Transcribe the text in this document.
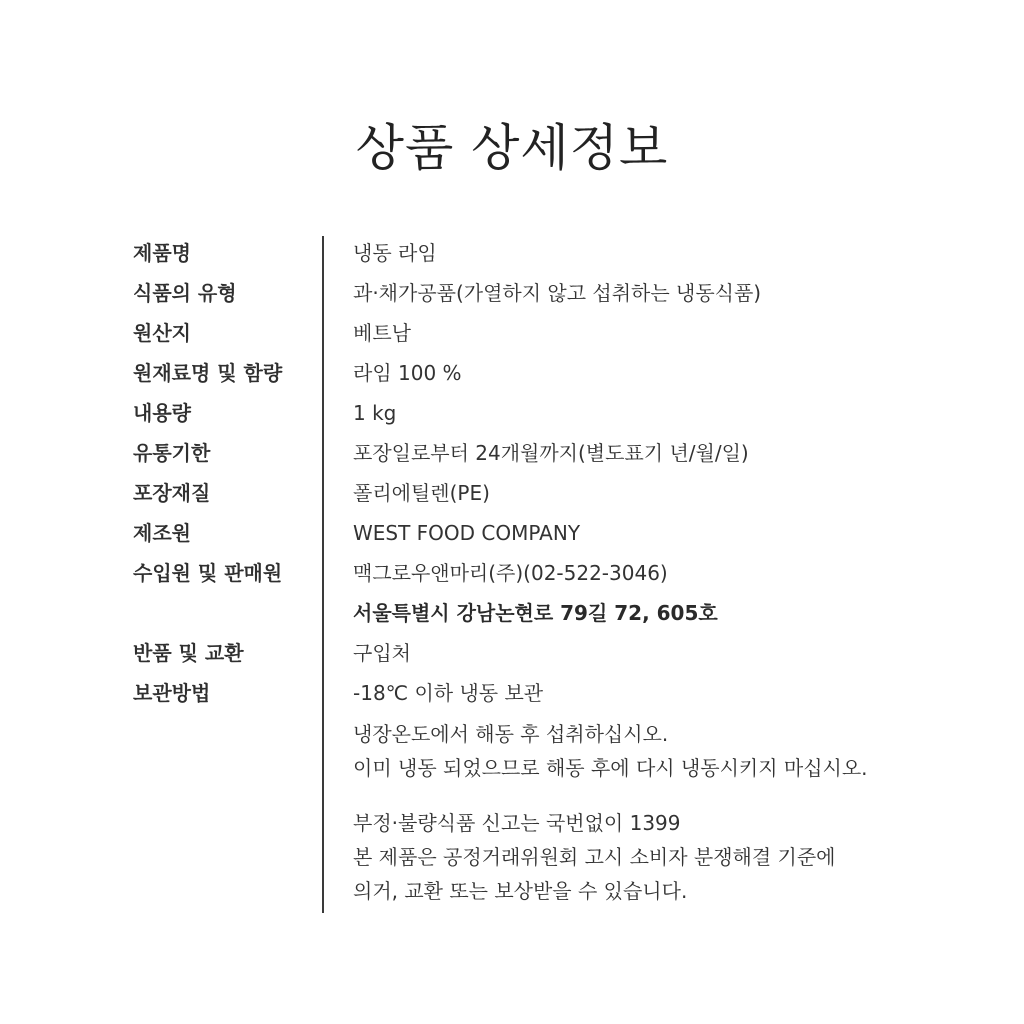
상품 상세정보
제품명	냉동 라임
식품의 유형	과·채가공품(가열하지 않고 섭취하는 냉동식품)
원산지	베트남
원재료명 및 함량	라임 100 %
내용량	1 kg
유통기한	포장일로부터 24개월까지(별도표기 년/월/일)
포장재질	폴리에틸렌(PE)
제조원	WEST FOOD COMPANY
수입원 및 판매원	맥그로우앤마리(주)(02-522-3046)
서울특별시 강남논현로 79길 72, 605호
반품 및 교환	구입처
보관방법	-18℃ 이하 냉동 보관
냉장온도에서 해동 후 섭취하십시오.
이미 냉동 되었으므로 해동 후에 다시 냉동시키지 마십시오.
부정·불량식품 신고는 국번없이 1399
본 제품은 공정거래위원회 고시 소비자 분쟁해결 기준에
의거, 교환 또는 보상받을 수 있습니다.
